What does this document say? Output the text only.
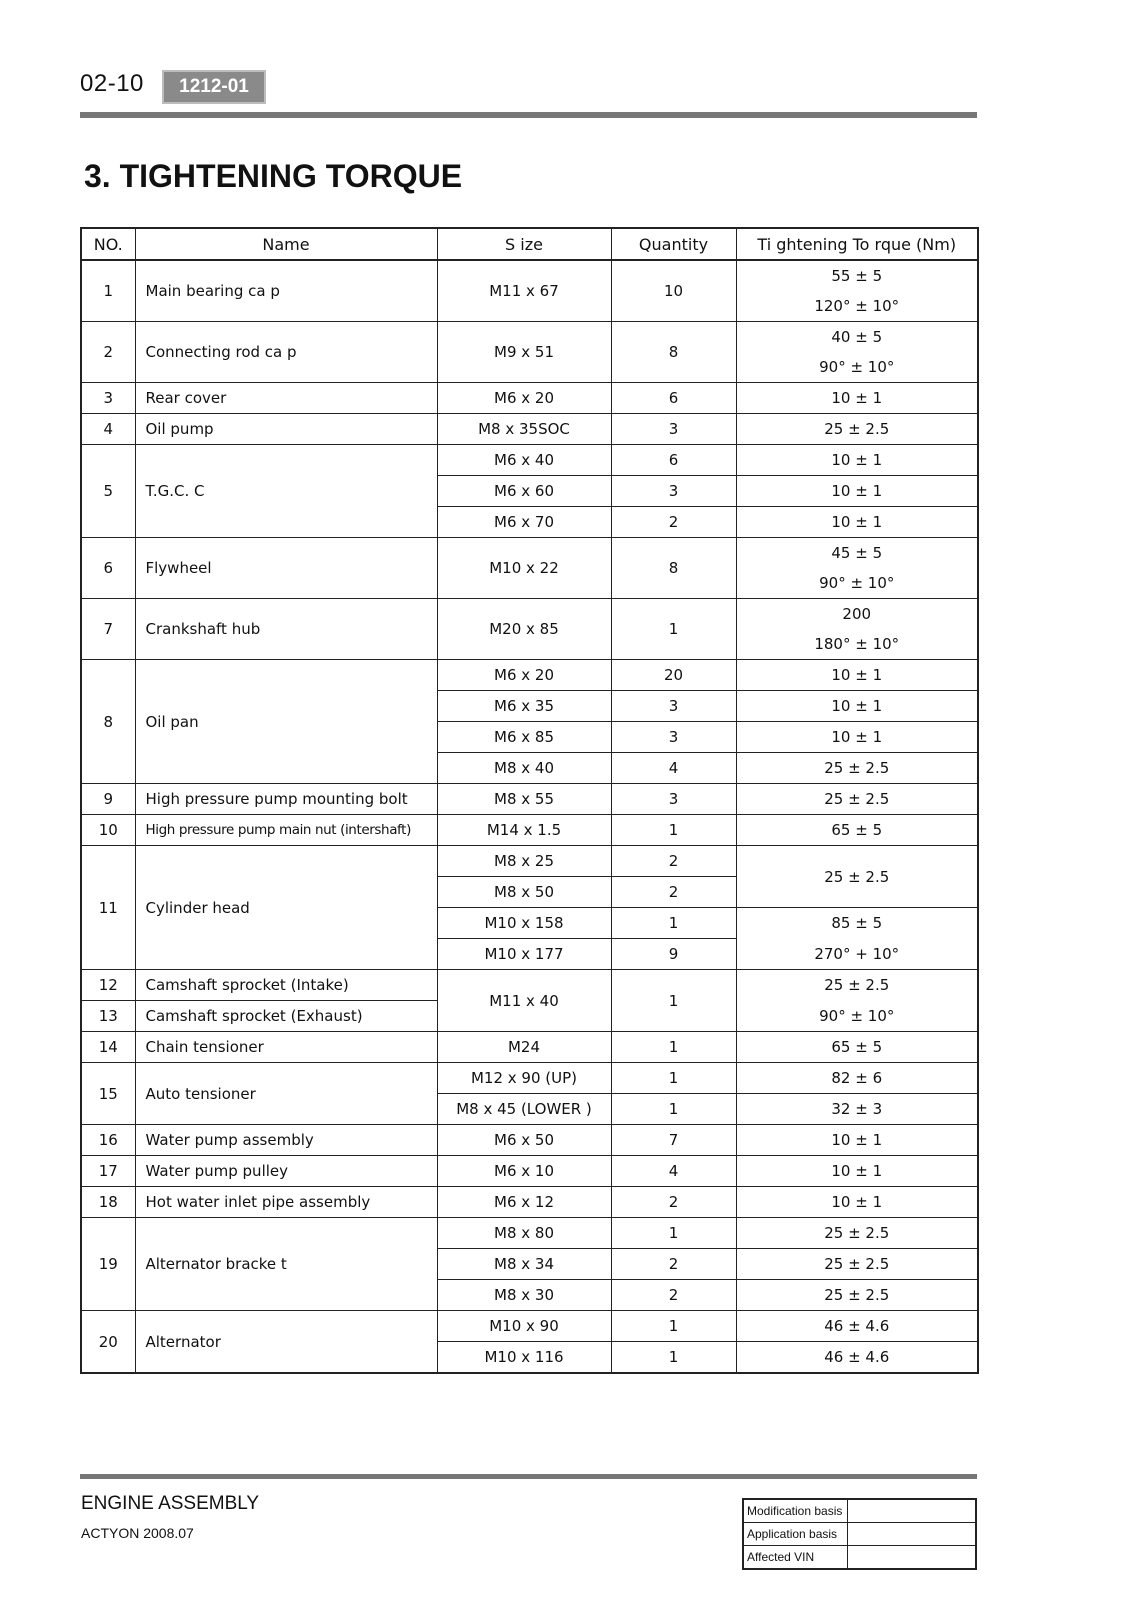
02-10	1212-01
3. TIGHTENING TORQUE
NO.	Name	S ize	Quantity	Ti ghtening To rque (Nm)
1	Main bearing ca p	M11 x 67	10	55 ± 5
				120° ± 10°
2	Connecting rod ca p	M9 x 51	8	40 ± 5
				90° ± 10°
3	Rear cover	M6 x 20	6	10 ± 1
4	Oil pump	M8 x 35SOC	3	25 ± 2.5
5	T.G.C. C	M6 x 40	6	10 ± 1
		M6 x 60	3	10 ± 1
		M6 x 70	2	10 ± 1
6	Flywheel	M10 x 22	8	45 ± 5
				90° ± 10°
7	Crankshaft hub	M20 x 85	1	200
				180° ± 10°
8	Oil pan	M6 x 20	20	10 ± 1
		M6 x 35	3	10 ± 1
		M6 x 85	3	10 ± 1
		M8 x 40	4	25 ± 2.5
9	High pressure pump mounting bolt	M8 x 55	3	25 ± 2.5
10	High pressure pump main nut (intershaft)	M14 x 1.5	1	65 ± 5
11	Cylinder head	M8 x 25	2	25 ± 2.5
		M8 x 50	2	
		M10 x 158	1	85 ± 5
		M10 x 177	9	270° + 10°
12	Camshaft sprocket (Intake)	M11 x 40	1	25 ± 2.5
13	Camshaft sprocket (Exhaust)			90° ± 10°
14	Chain tensioner	M24	1	65 ± 5
15	Auto tensioner	M12 x 90 (UP)	1	82 ± 6
		M8 x 45 (LOWER )	1	32 ± 3
16	Water pump assembly	M6 x 50	7	10 ± 1
17	Water pump pulley	M6 x 10	4	10 ± 1
18	Hot water inlet pipe assembly	M6 x 12	2	10 ± 1
19	Alternator bracke t	M8 x 80	1	25 ± 2.5
		M8 x 34	2	25 ± 2.5
		M8 x 30	2	25 ± 2.5
20	Alternator	M10 x 90	1	46 ± 4.6
		M10 x 116	1	46 ± 4.6
ENGINE ASSEMBLY
ACTYON 2008.07
Modification basis	
Application basis	
Affected VIN	
